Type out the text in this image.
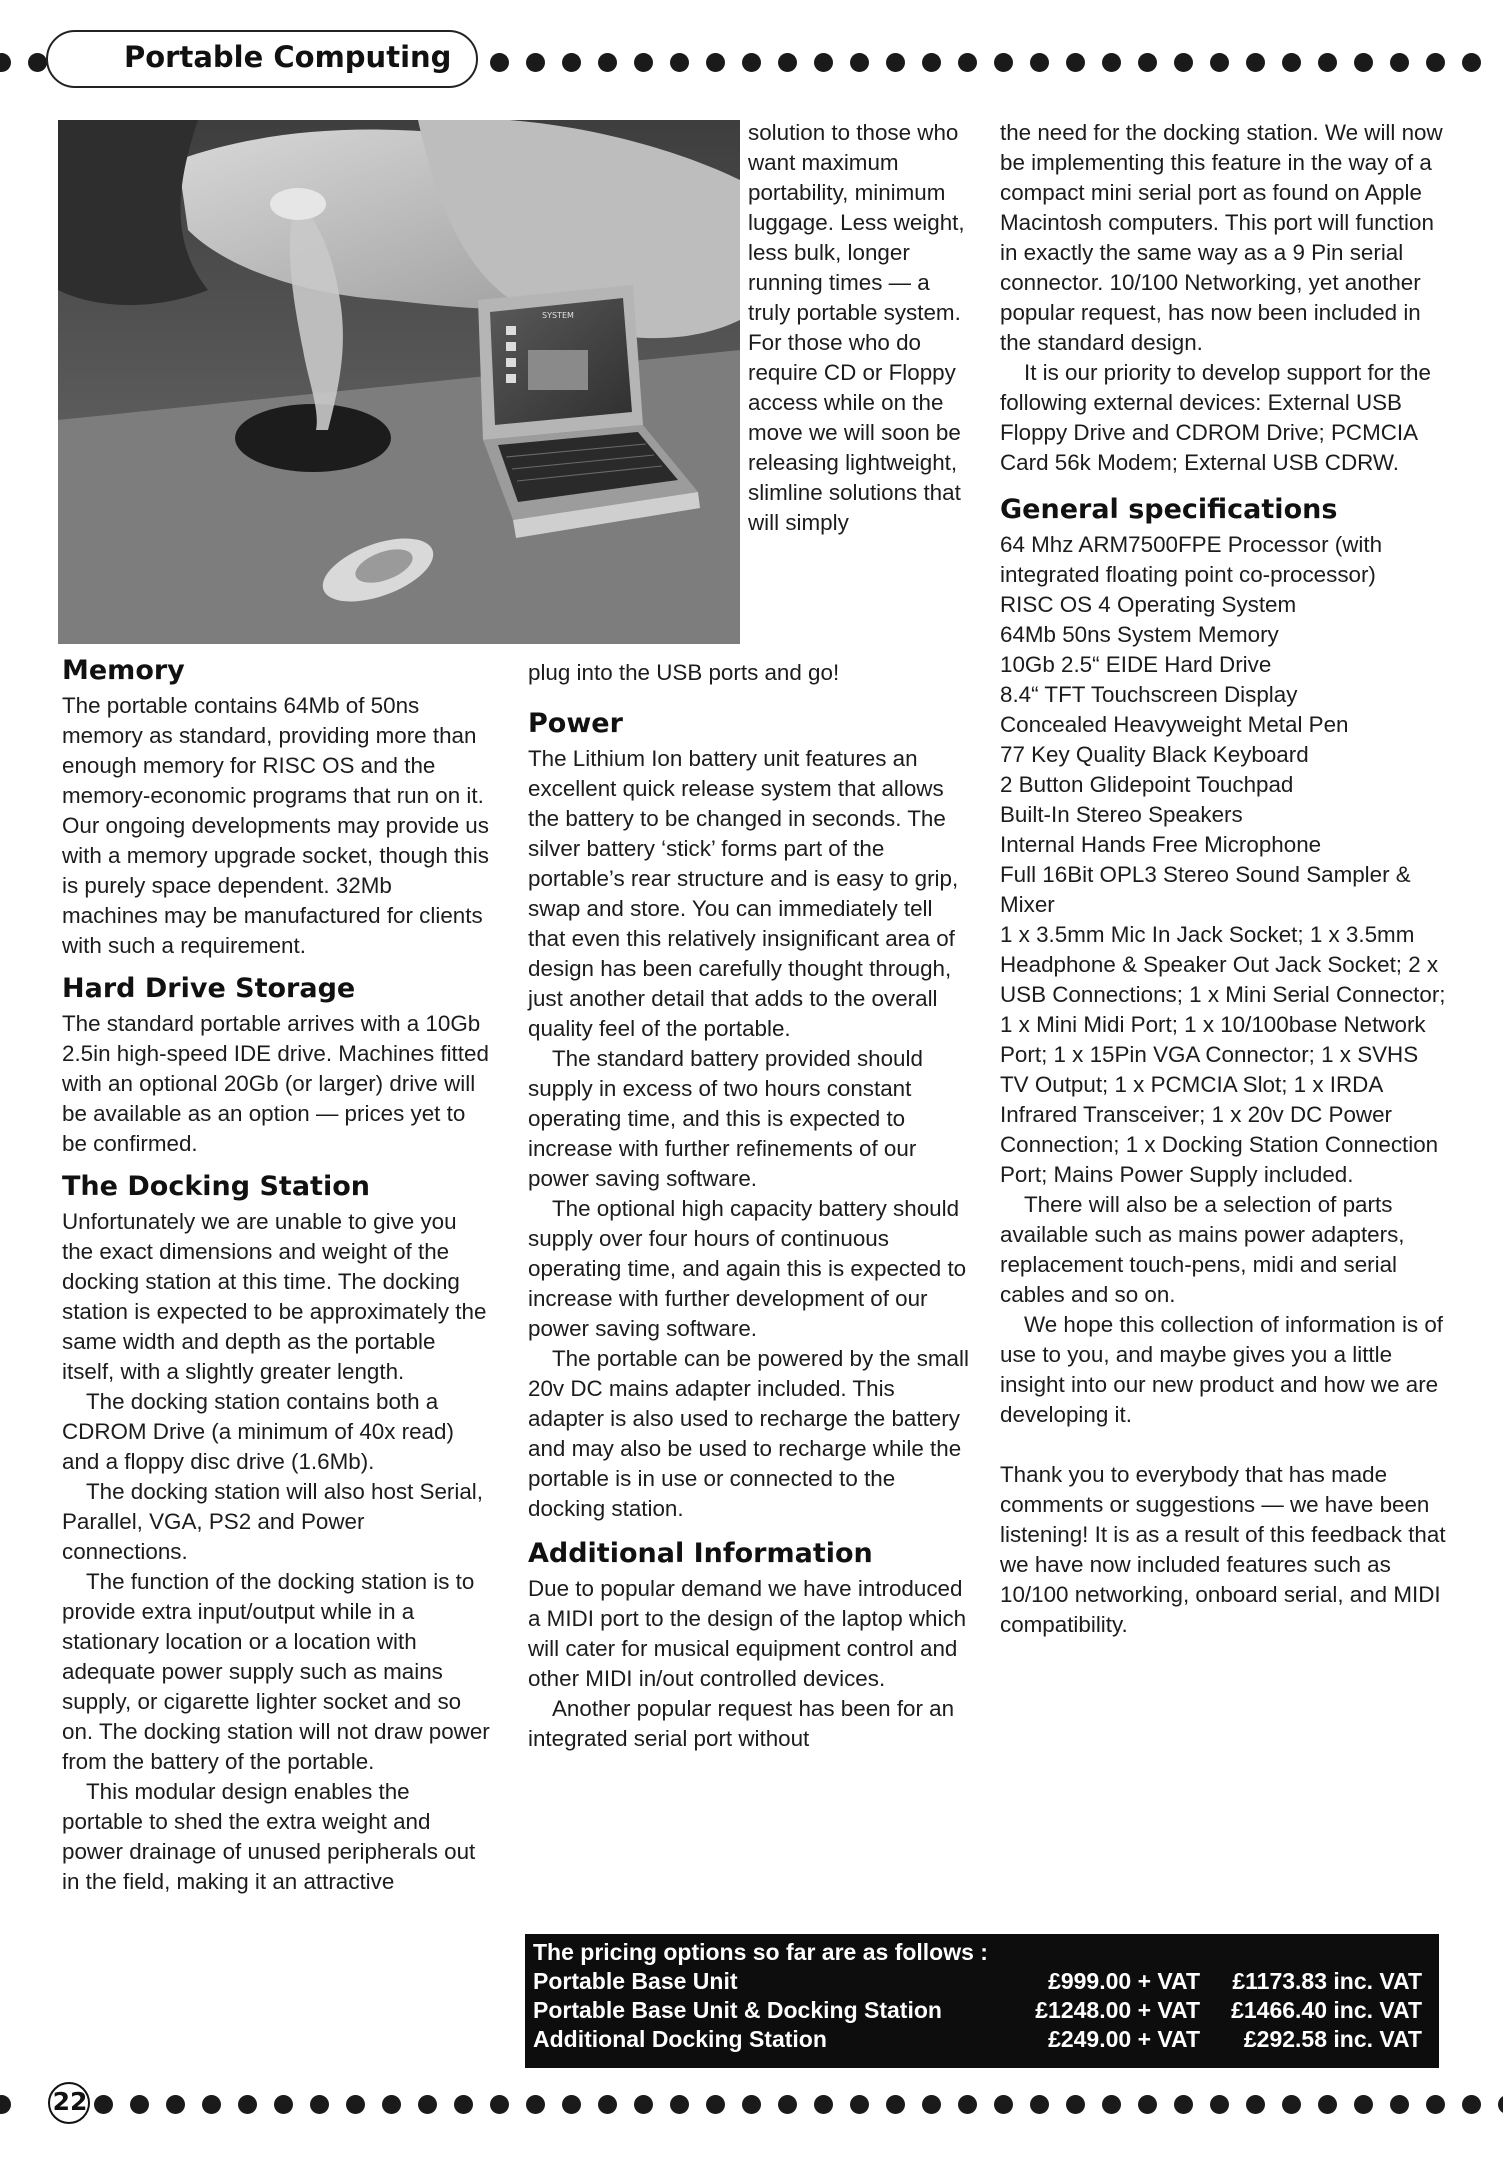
Portable Computing
SYSTEM

solution to those who want maximum portability, minimum luggage. Less weight, less bulk, longer running times — a truly portable system. For those who do require CD or Floppy access while on the move we will soon be releasing lightweight, slimline solutions that will simply

plug into the USB ports and go!

Memory

The portable contains 64Mb of 50ns memory as standard, providing more than enough memory for RISC OS and the memory-economic programs that run on it. Our ongoing developments may provide us with a memory upgrade socket, though this is purely space dependent. 32Mb machines may be manufactured for clients with such a requirement.

Hard Drive Storage

The standard portable arrives with a 10Gb 2.5in high-speed IDE drive. Machines fitted with an optional 20Gb (or larger) drive will be available as an option — prices yet to be confirmed.

The Docking Station

Unfortunately we are unable to give you the exact dimensions and weight of the docking station at this time. The docking station is expected to be approximately the same width and depth as the portable itself, with a slightly greater length.

The docking station contains both a CDROM Drive (a minimum of 40x read) and a floppy disc drive (1.6Mb).

The docking station will also host Serial, Parallel, VGA, PS2 and Power connections.

The function of the docking station is to provide extra input/output while in a stationary location or a location with adequate power supply such as mains supply, or cigarette lighter socket and so on. The docking station will not draw power from the battery of the portable.

This modular design enables the portable to shed the extra weight and power drainage of unused peripherals out in the field, making it an attractive

Power

The Lithium Ion battery unit features an excellent quick release system that allows the battery to be changed in seconds. The silver battery ‘stick’ forms part of the portable’s rear structure and is easy to grip, swap and store. You can immediately tell that even this relatively insignificant area of design has been carefully thought through, just another detail that adds to the overall quality feel of the portable.

The standard battery provided should supply in excess of two hours constant operating time, and this is expected to increase with further refinements of our power saving software.

The optional high capacity battery should supply over four hours of continuous operating time, and again this is expected to increase with further development of our power saving software.

The portable can be powered by the small 20v DC mains adapter included. This adapter is also used to recharge the battery and may also be used to recharge while the portable is in use or connected to the docking station.

Additional Information

Due to popular demand we have introduced a MIDI port to the design of the laptop which will cater for musical equipment control and other MIDI in/out controlled devices.

Another popular request has been for an integrated serial port without

the need for the docking station. We will now be implementing this feature in the way of a compact mini serial port as found on Apple Macintosh computers. This port will function in exactly the same way as a 9 Pin serial connector. 10/100 Networking, yet another popular request, has now been included in the standard design.

It is our priority to develop support for the following external devices: External USB Floppy Drive and CDROM Drive; PCMCIA Card 56k Modem; External USB CDRW.

General specifications

64 Mhz ARM7500FPE Processor (with integrated floating point co-processor)

RISC OS 4 Operating System

64Mb 50ns System Memory

10Gb 2.5“ EIDE Hard Drive

8.4“ TFT Touchscreen Display

Concealed Heavyweight Metal Pen

77 Key Quality Black Keyboard

2 Button Glidepoint Touchpad

Built-In Stereo Speakers

Internal Hands Free Microphone

Full 16Bit OPL3 Stereo Sound Sampler & Mixer

1 x 3.5mm Mic In Jack Socket; 1 x 3.5mm Headphone & Speaker Out Jack Socket; 2 x USB Connections; 1 x Mini Serial Connector; 1 x Mini Midi Port; 1 x 10/100base Network Port; 1 x 15Pin VGA Connector; 1 x SVHS TV Output; 1 x PCMCIA Slot; 1 x IRDA Infrared Transceiver; 1 x 20v DC Power Connection; 1 x Docking Station Connection Port; Mains Power Supply included.

There will also be a selection of parts available such as mains power adapters, replacement touch-pens, midi and serial cables and so on.

We hope this collection of information is of use to you, and maybe gives you a little insight into our new product and how we are developing it.

Thank you to everybody that has made comments or suggestions — we have been listening! It is as a result of this feedback that we have now included features such as 10/100 networking, onboard serial, and MIDI compatibility.

The pricing options so far are as follows :
Portable Base Unit	£999.00 + VAT	£1173.83 inc. VAT
Portable Base Unit & Docking Station	£1248.00 + VAT	£1466.40 inc. VAT
Additional Docking Station	£249.00 + VAT	£292.58 inc. VAT
22
